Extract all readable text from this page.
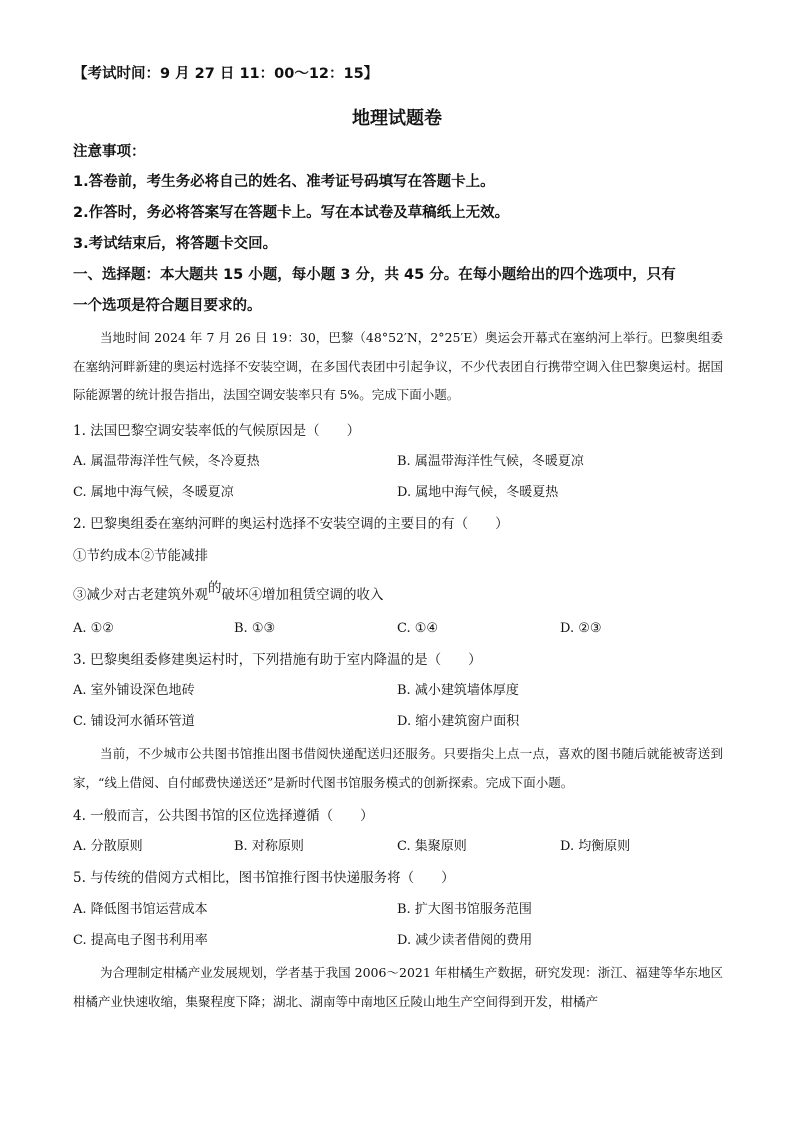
【考试时间：9 月 27 日 11：00～12：15】
地理试题卷
注意事项：
1.答卷前，考生务必将自己的姓名、准考证号码填写在答题卡上。
2.作答时，务必将答案写在答题卡上。写在本试卷及草稿纸上无效。
3.考试结束后，将答题卡交回。
一、选择题：本大题共 15 小题，每小题 3 分，共 45 分。在每小题给出的四个选项中，只有
一个选项是符合题目要求的。
当地时间 2024 年 7 月 26 日 19：30，巴黎（48°52′N，2°25′E）奥运会开幕式在塞纳河上举行。巴黎奥组委在塞纳河畔新建的奥运村选择不安装空调，在多国代表团中引起争议，不少代表团自行携带空调入住巴黎奥运村。据国际能源署的统计报告指出，法国空调安装率只有 5%。完成下面小题。
1. 法国巴黎空调安装率低的气候原因是（　　）
A. 属温带海洋性气候，冬冷夏热	B. 属温带海洋性气候，冬暖夏凉
C. 属地中海气候，冬暖夏凉	D. 属地中海气候，冬暖夏热
2. 巴黎奥组委在塞纳河畔的奥运村选择不安装空调的主要目的有（　　）
①节约成本②节能减排
③减少对古老建筑外观的破坏④增加租赁空调的收入
A. ①②	B. ①③	C. ①④	D. ②③
3. 巴黎奥组委修建奥运村时，下列措施有助于室内降温的是（　　）
A. 室外铺设深色地砖	B. 减小建筑墙体厚度
C. 铺设河水循环管道	D. 缩小建筑窗户面积
当前，不少城市公共图书馆推出图书借阅快递配送归还服务。只要指尖上点一点，喜欢的图书随后就能被寄送到家，“线上借阅、自付邮费快递送还”是新时代图书馆服务模式的创新探索。完成下面小题。
4. 一般而言，公共图书馆的区位选择遵循（　　）
A. 分散原则	B. 对称原则	C. 集聚原则	D. 均衡原则
5. 与传统的借阅方式相比，图书馆推行图书快递服务将（　　）
A. 降低图书馆运营成本	B. 扩大图书馆服务范围
C. 提高电子图书利用率	D. 减少读者借阅的费用
为合理制定柑橘产业发展规划，学者基于我国 2006～2021 年柑橘生产数据，研究发现：浙江、福建等华东地区柑橘产业快速收缩，集聚程度下降；湖北、湖南等中南地区丘陵山地生产空间得到开发，柑橘产
